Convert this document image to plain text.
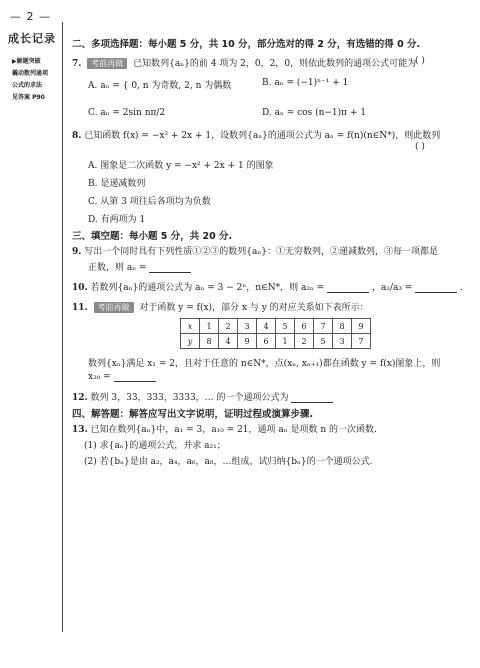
— 2 —
成长记录
▶解题突破
撬动数列通项
公式的求法
见答案 P90
二、多项选择题：每小题 5 分，共 10 分，部分选对的得 2 分，有选错的得 0 分.
7. 考前再做 已知数列{aₙ}的前 4 项为 2，0，2，0，则依此数列的通项公式可能为
( )
A. aₙ = { 0, n 为奇数, 2, n 为偶数	B. aₙ = (−1)ⁿ⁻¹ + 1
C. aₙ = 2sin nπ/2	D. aₙ = cos (n−1)π + 1
8. 已知函数 f(x) = −x² + 2x + 1，设数列{aₙ}的通项公式为 aₙ = f(n)(n∈N*)，则此数列
( )
A. 图象是二次函数 y = −x² + 2x + 1 的图象
B. 是递减数列
C. 从第 3 项往后各项均为负数
D. 有两项为 1
三、填空题：每小题 5 分，共 20 分.
9. 写出一个同时具有下列性质①②③的数列{aₙ}：①无穷数列，②递减数列，③每一项都是
正数，则 aₙ =
10. 若数列{aₙ}的通项公式为 aₙ = 3 − 2ⁿ，n∈N*，则 a₂ₙ =	，a₂/a₃ =	.
11. 考前再做 对于函数 y = f(x)，部分 x 与 y 的对应关系如下表所示：
x	1	2	3	4	5	6	7	8	9
y	8	4	9	6	1	2	5	3	7
数列{xₙ}满足 x₁ = 2，且对于任意的 n∈N*，点(xₙ, xₙ₊₁)都在函数 y = f(x)图象上，则
x₂₀ =
12. 数列 3，33，333，3333，… 的一个通项公式为
四、解答题：解答应写出文字说明，证明过程或演算步骤.
13. 已知在数列{aₙ}中，a₁ = 3，a₁₀ = 21，通项 aₙ 是项数 n 的一次函数.
(1) 求{aₙ}的通项公式，并求 a₂₁；
(2) 若{bₙ}是由 a₂，a₄，a₆，a₈，…组成，试归纳{bₙ}的一个通项公式.
